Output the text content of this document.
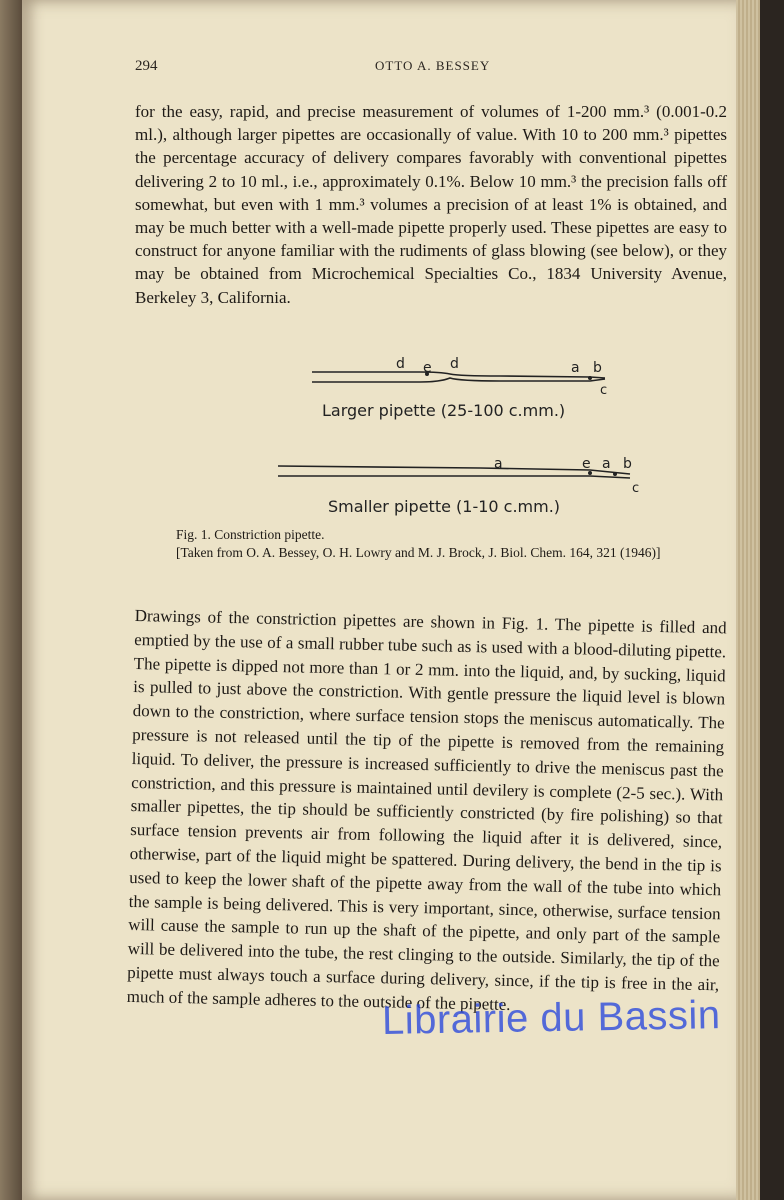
294	OTTO A. BESSEY
for the easy, rapid, and precise measurement of volumes of 1-200 mm.³ (0.001-0.2 ml.), although larger pipettes are occasionally of value. With 10 to 200 mm.³ pipettes the percentage accuracy of delivery compares favorably with conventional pipettes delivering 2 to 10 ml., i.e., approximately 0.1%. Below 10 mm.³ the precision falls off somewhat, but even with 1 mm.³ volumes a precision of at least 1% is obtained, and may be much better with a well-made pipette properly used. These pipettes are easy to construct for anyone familiar with the rudiments of glass blowing (see below), or they may be obtained from Microchemical Specialties Co., 1834 University Avenue, Berkeley 3, California.
d e d	a b
c
Larger pipette (25-100 c.mm.)
a	e a b
c
Smaller pipette (1-10 c.mm.)
Fig. 1. Constriction pipette.
[Taken from O. A. Bessey, O. H. Lowry and M. J. Brock, J. Biol. Chem. 164, 321 (1946)]
Drawings of the constriction pipettes are shown in Fig. 1. The pipette is filled and emptied by the use of a small rubber tube such as is used with a blood-diluting pipette. The pipette is dipped not more than 1 or 2 mm. into the liquid, and, by sucking, liquid is pulled to just above the constriction. With gentle pressure the liquid level is blown down to the constriction, where surface tension stops the meniscus automatically. The pressure is not released until the tip of the pipette is removed from the remaining liquid. To deliver, the pressure is increased sufficiently to drive the meniscus past the constriction, and this pressure is maintained until devilery is complete (2-5 sec.). With smaller pipettes, the tip should be sufficiently constricted (by fire polishing) so that surface tension prevents air from following the liquid after it is delivered, since, otherwise, part of the liquid might be spattered. During delivery, the bend in the tip is used to keep the lower shaft of the pipette away from the wall of the tube into which the sample is being delivered. This is very important, since, otherwise, surface tension will cause the sample to run up the shaft of the pipette, and only part of the sample will be delivered into the tube, the rest clinging to the outside. Similarly, the tip of the pipette must always touch a surface during delivery, since, if the tip is free in the air, much of the sample adheres to the outside of the pipette.
Librairie du Bassin
